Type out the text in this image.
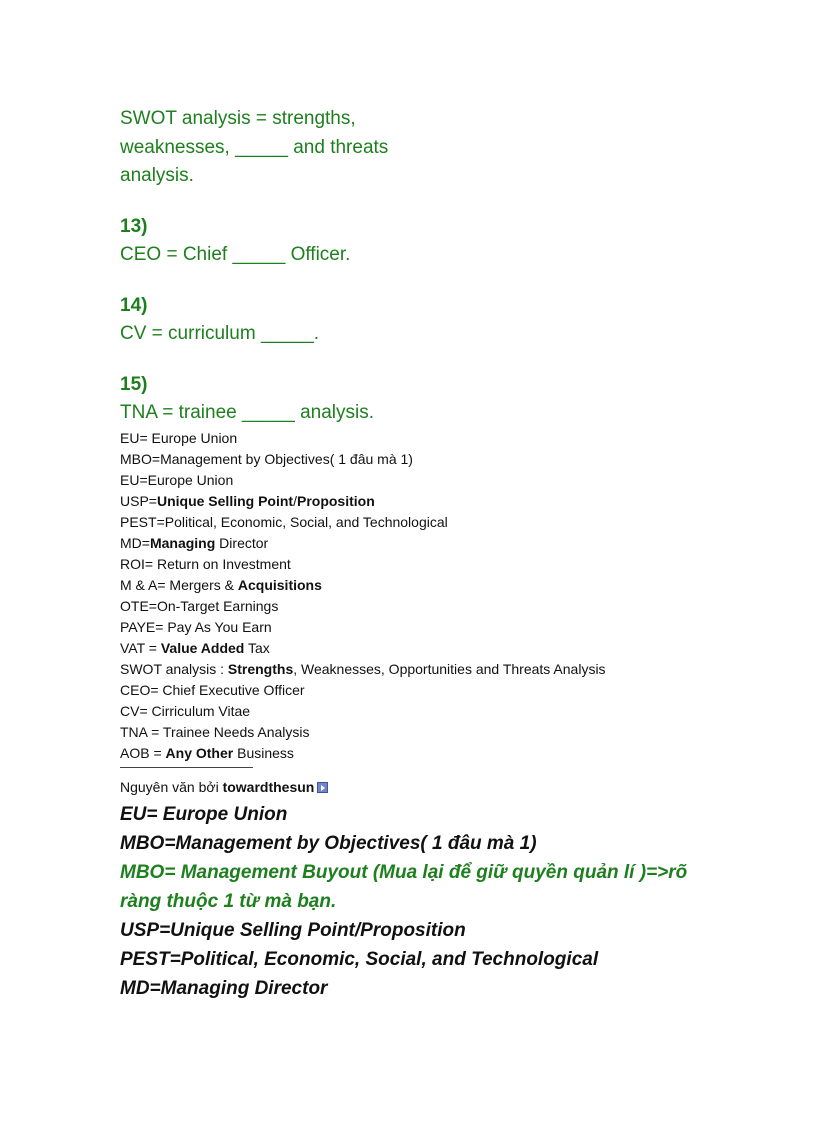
SWOT analysis = strengths,

weaknesses, _____ and threats

analysis.

13)

CEO = Chief _____ Officer.

14)

CV = curriculum _____.

15)

TNA = trainee _____ analysis.

EU= Europe Union

MBO=Management by Objectives( 1 đâu mà 1)

EU=Europe Union

USP=Unique Selling Point/Proposition

PEST=Political, Economic, Social, and Technological

MD=Managing Director

ROI= Return on Investment

M & A= Mergers & Acquisitions

OTE=On-Target Earnings

PAYE= Pay As You Earn

VAT = Value Added Tax

SWOT analysis : Strengths, Weaknesses, Opportunities and Threats Analysis

CEO= Chief Executive Officer

CV= Cirriculum Vitae

TNA = Trainee Needs Analysis

AOB = Any Other Business

Nguyên văn bởi towardthesun

EU= Europe Union

MBO=Management by Objectives( 1 đâu mà 1)

MBO= Management Buyout (Mua lại để giữ quyền quản lí )=>rõ

ràng thuộc 1 từ mà bạn.

USP=Unique Selling Point/Proposition

PEST=Political, Economic, Social, and Technological

MD=Managing Director
